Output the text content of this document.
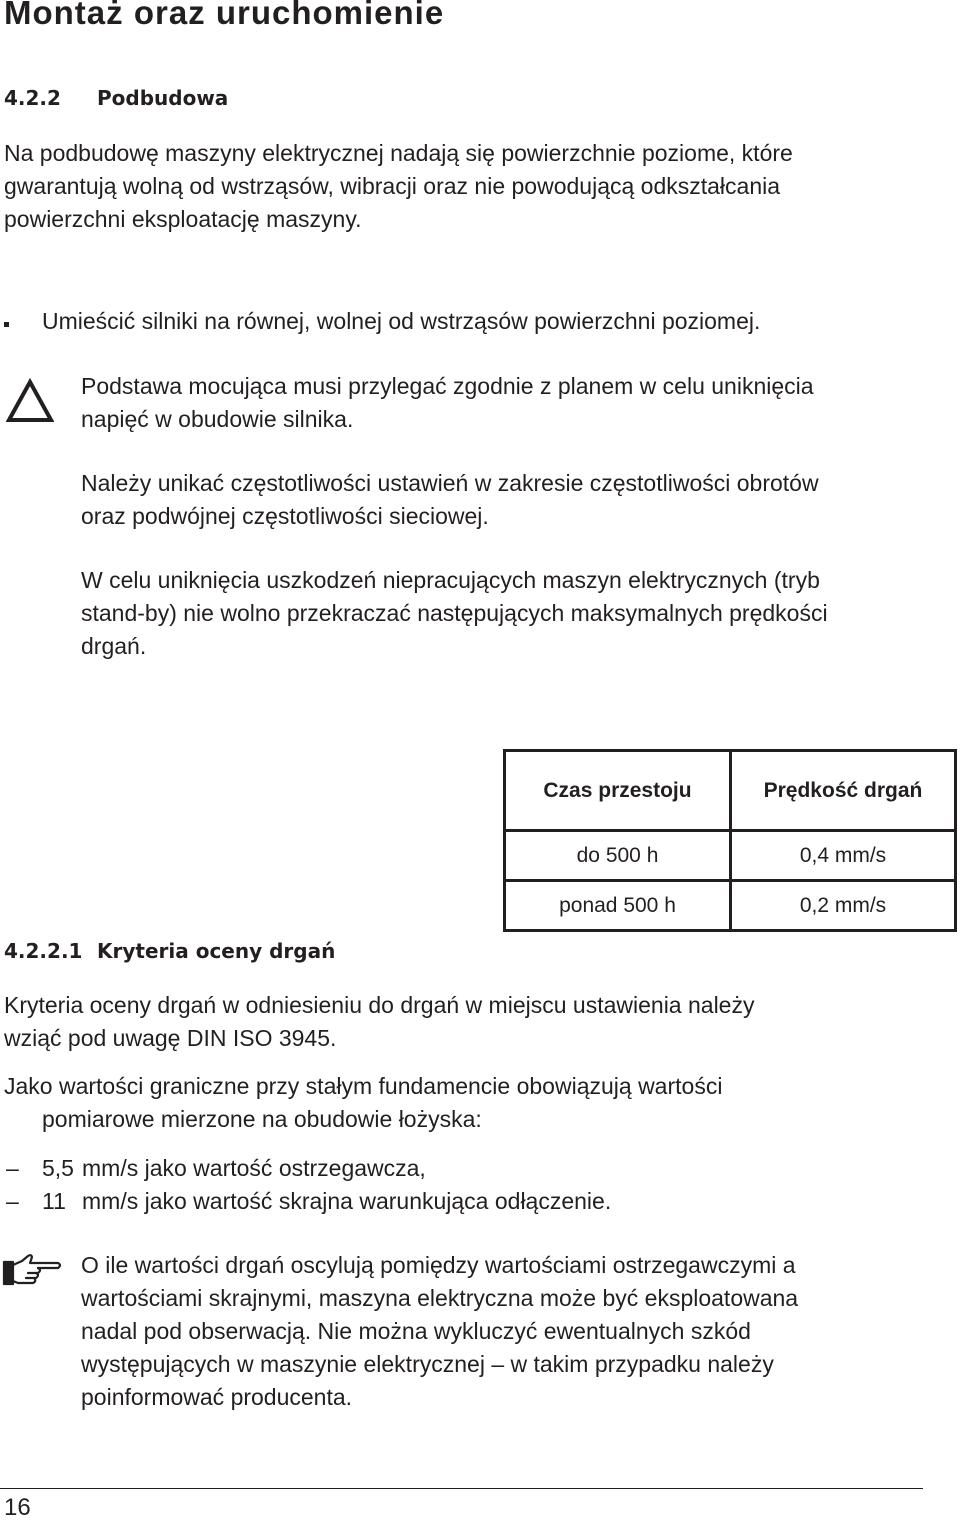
Montaż oraz uruchomienie
4.2.2 Podbudowa

Na podbudowę maszyny elektrycznej nadają się powierzchnie poziome, które

gwarantują wolną od wstrząsów, wibracji oraz nie powodującą odkształcania

powierzchni eksploatację maszyny.

Umieścić silniki na równej, wolnej od wstrząsów powierzchni poziomej.

Podstawa mocująca musi przylegać zgodnie z planem w celu uniknięcia

napięć w obudowie silnika.

Należy unikać częstotliwości ustawień w zakresie częstotliwości obrotów

oraz podwójnej częstotliwości sieciowej.

W celu uniknięcia uszkodzeń niepracujących maszyn elektrycznych (tryb

stand-by) nie wolno przekraczać następujących maksymalnych prędkości

drgań.

Czas przestoju	Prędkość drgań
do 500 h	0,4 mm/s
ponad 500 h	0,2 mm/s
4.2.2.1 Kryteria oceny drgań

Kryteria oceny drgań w odniesieniu do drgań w miejscu ustawienia należy

wziąć pod uwagę DIN ISO 3945.

Jako wartości graniczne przy stałym fundamencie obowiązują wartości

pomiarowe mierzone na obudowie łożyska:

– 5,5 mm/s jako wartość ostrzegawcza,
– 11 mm/s jako wartość skrajna warunkująca odłączenie.

O ile wartości drgań oscylują pomiędzy wartościami ostrzegawczymi a

wartościami skrajnymi, maszyna elektryczna może być eksploatowana

nadal pod obserwacją. Nie można wykluczyć ewentualnych szkód

występujących w maszynie elektrycznej – w takim przypadku należy

poinformować producenta.

16
